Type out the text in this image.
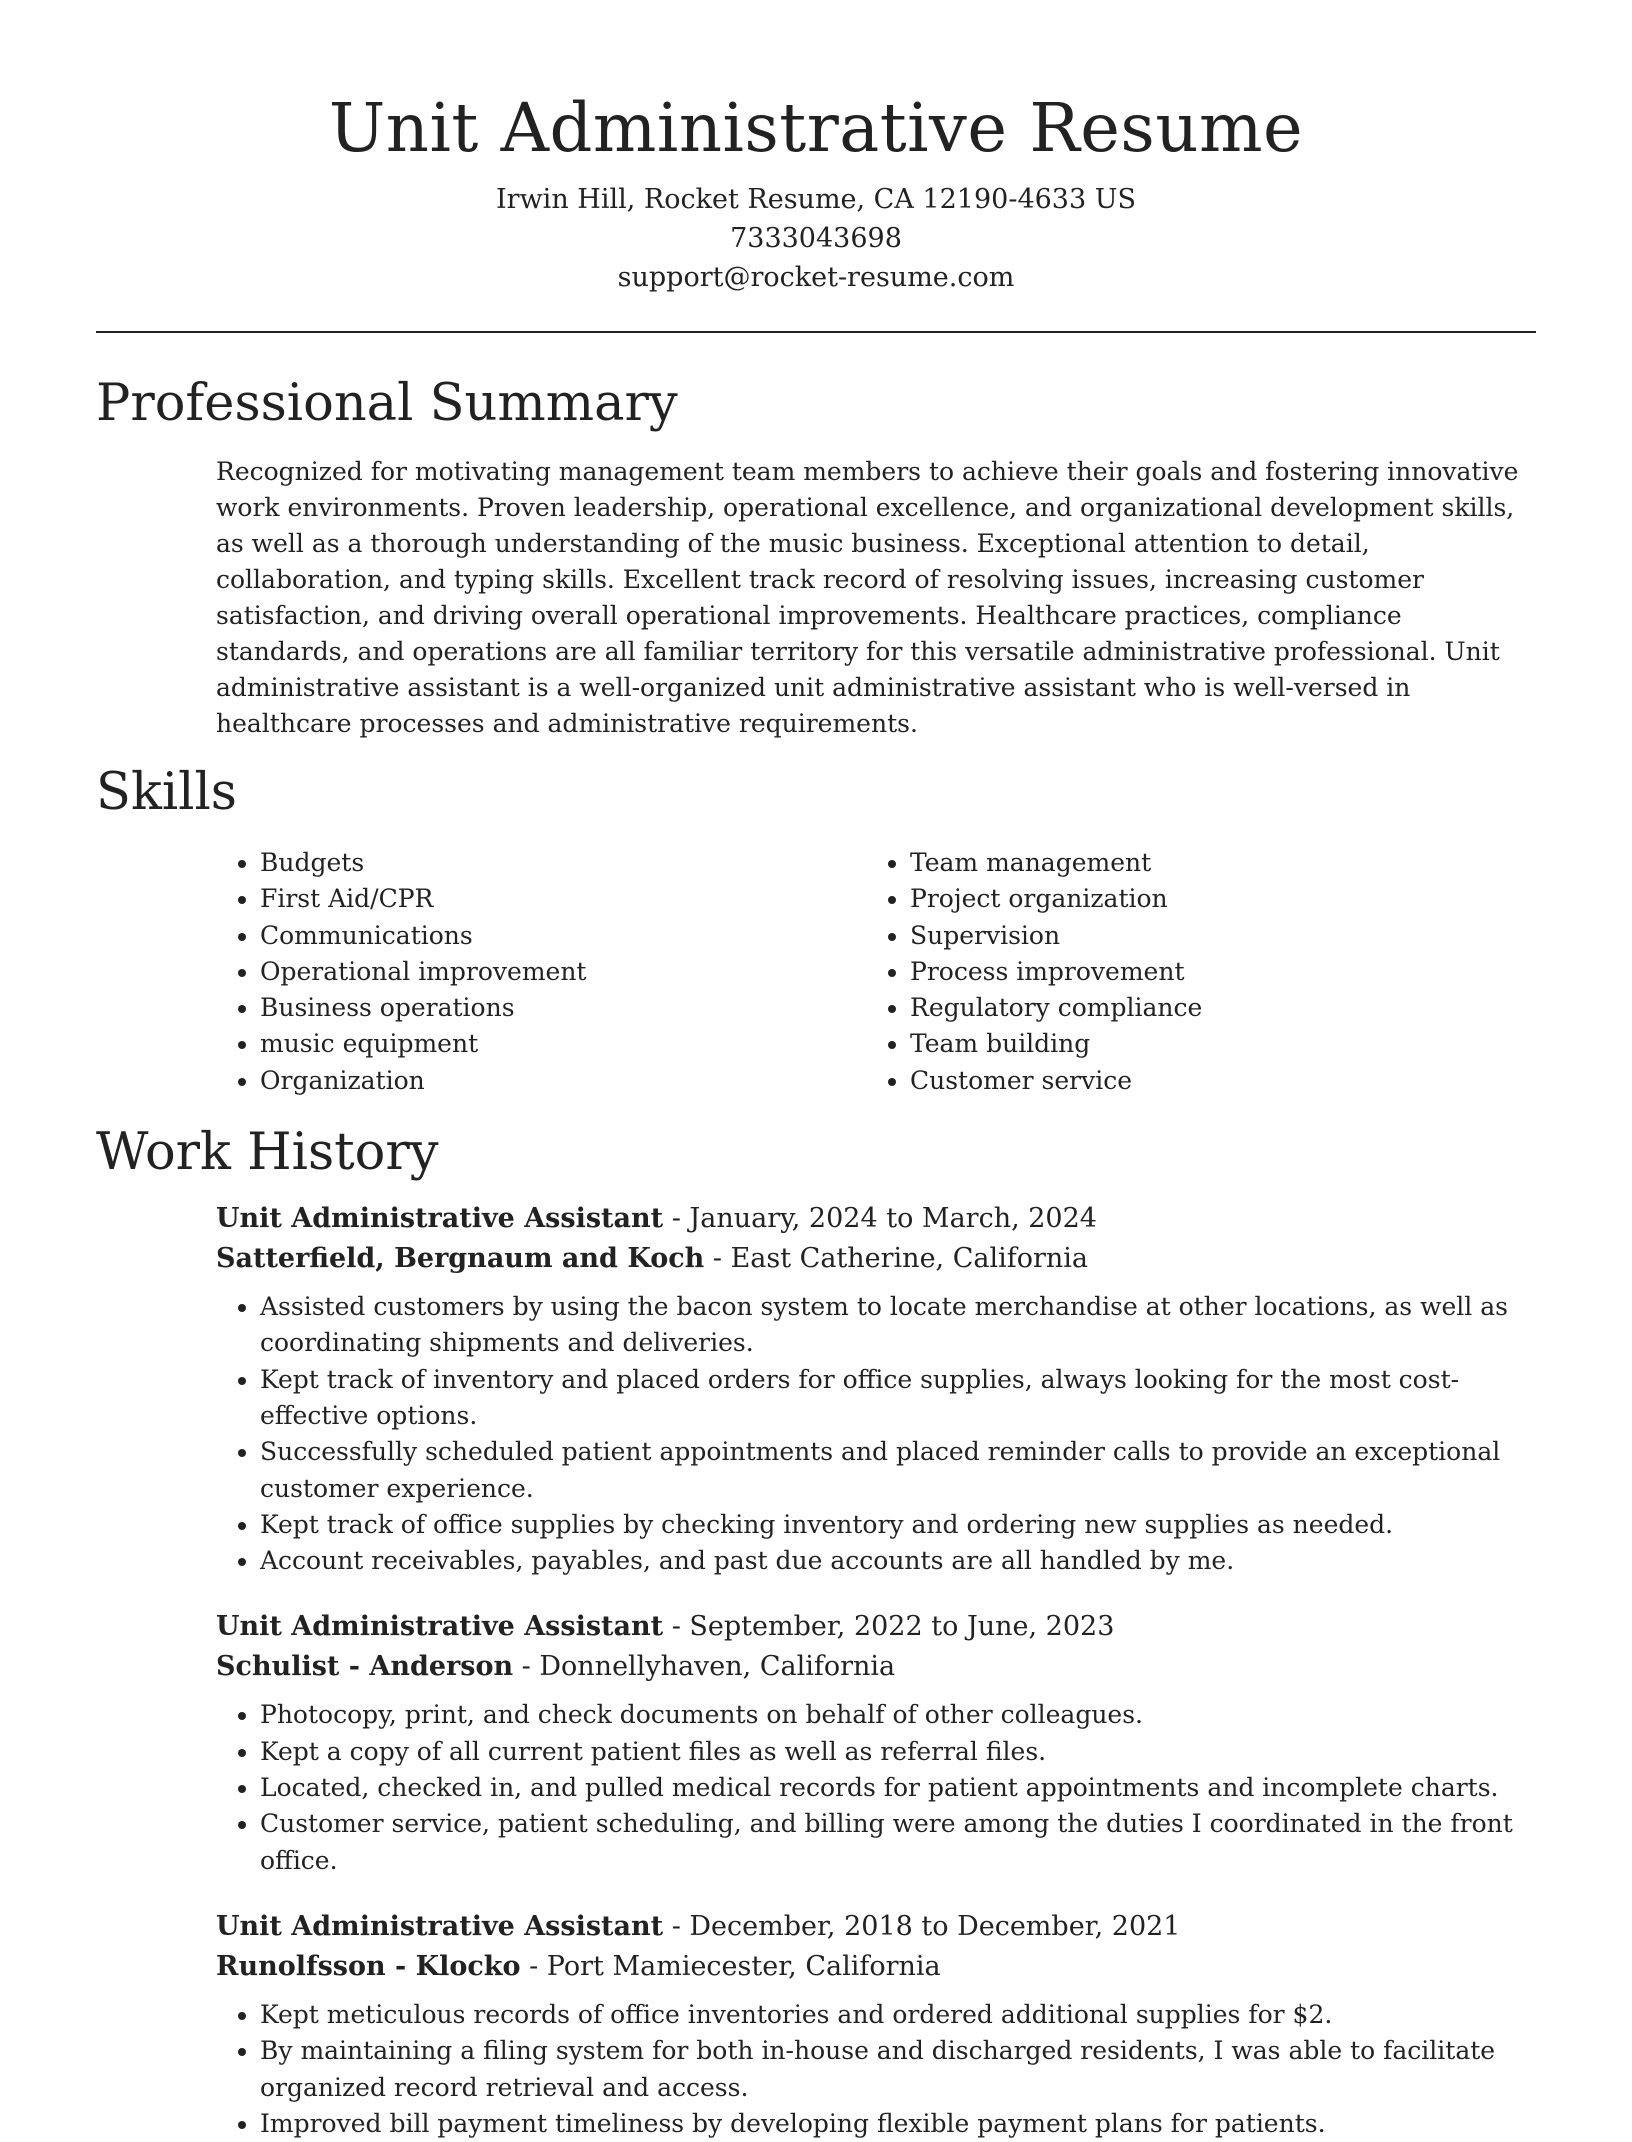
Unit Administrative Resume
Irwin Hill, Rocket Resume, CA 12190-4633 US
7333043698
support@rocket-resume.com
Professional Summary
Recognized for motivating management team members to achieve their goals and fostering innovative work environments. Proven leadership, operational excellence, and organizational development skills, as well as a thorough understanding of the music business. Exceptional attention to detail, collaboration, and typing skills. Excellent track record of resolving issues, increasing customer satisfaction, and driving overall operational improvements. Healthcare practices, compliance standards, and operations are all familiar territory for this versatile administrative professional. Unit administrative assistant is a well-organized unit administrative assistant who is well-versed in healthcare processes and administrative requirements.
Skills
• Budgets
• First Aid/CPR
• Communications
• Operational improvement
• Business operations
• music equipment
• Organization
• Team management
• Project organization
• Supervision
• Process improvement
• Regulatory compliance
• Team building
• Customer service
Work History
Unit Administrative Assistant - January, 2024 to March, 2024
Satterfield, Bergnaum and Koch - East Catherine, California
• Assisted customers by using the bacon system to locate merchandise at other locations, as well as coordinating shipments and deliveries.
• Kept track of inventory and placed orders for office supplies, always looking for the most cost-effective options.
• Successfully scheduled patient appointments and placed reminder calls to provide an exceptional customer experience.
• Kept track of office supplies by checking inventory and ordering new supplies as needed.
• Account receivables, payables, and past due accounts are all handled by me.
Unit Administrative Assistant - September, 2022 to June, 2023
Schulist - Anderson - Donnellyhaven, California
• Photocopy, print, and check documents on behalf of other colleagues.
• Kept a copy of all current patient files as well as referral files.
• Located, checked in, and pulled medical records for patient appointments and incomplete charts.
• Customer service, patient scheduling, and billing were among the duties I coordinated in the front office.
Unit Administrative Assistant - December, 2018 to December, 2021
Runolfsson - Klocko - Port Mamiecester, California
• Kept meticulous records of office inventories and ordered additional supplies for $2.
• By maintaining a filing system for both in-house and discharged residents, I was able to facilitate organized record retrieval and access.
• Improved bill payment timeliness by developing flexible payment plans for patients.
